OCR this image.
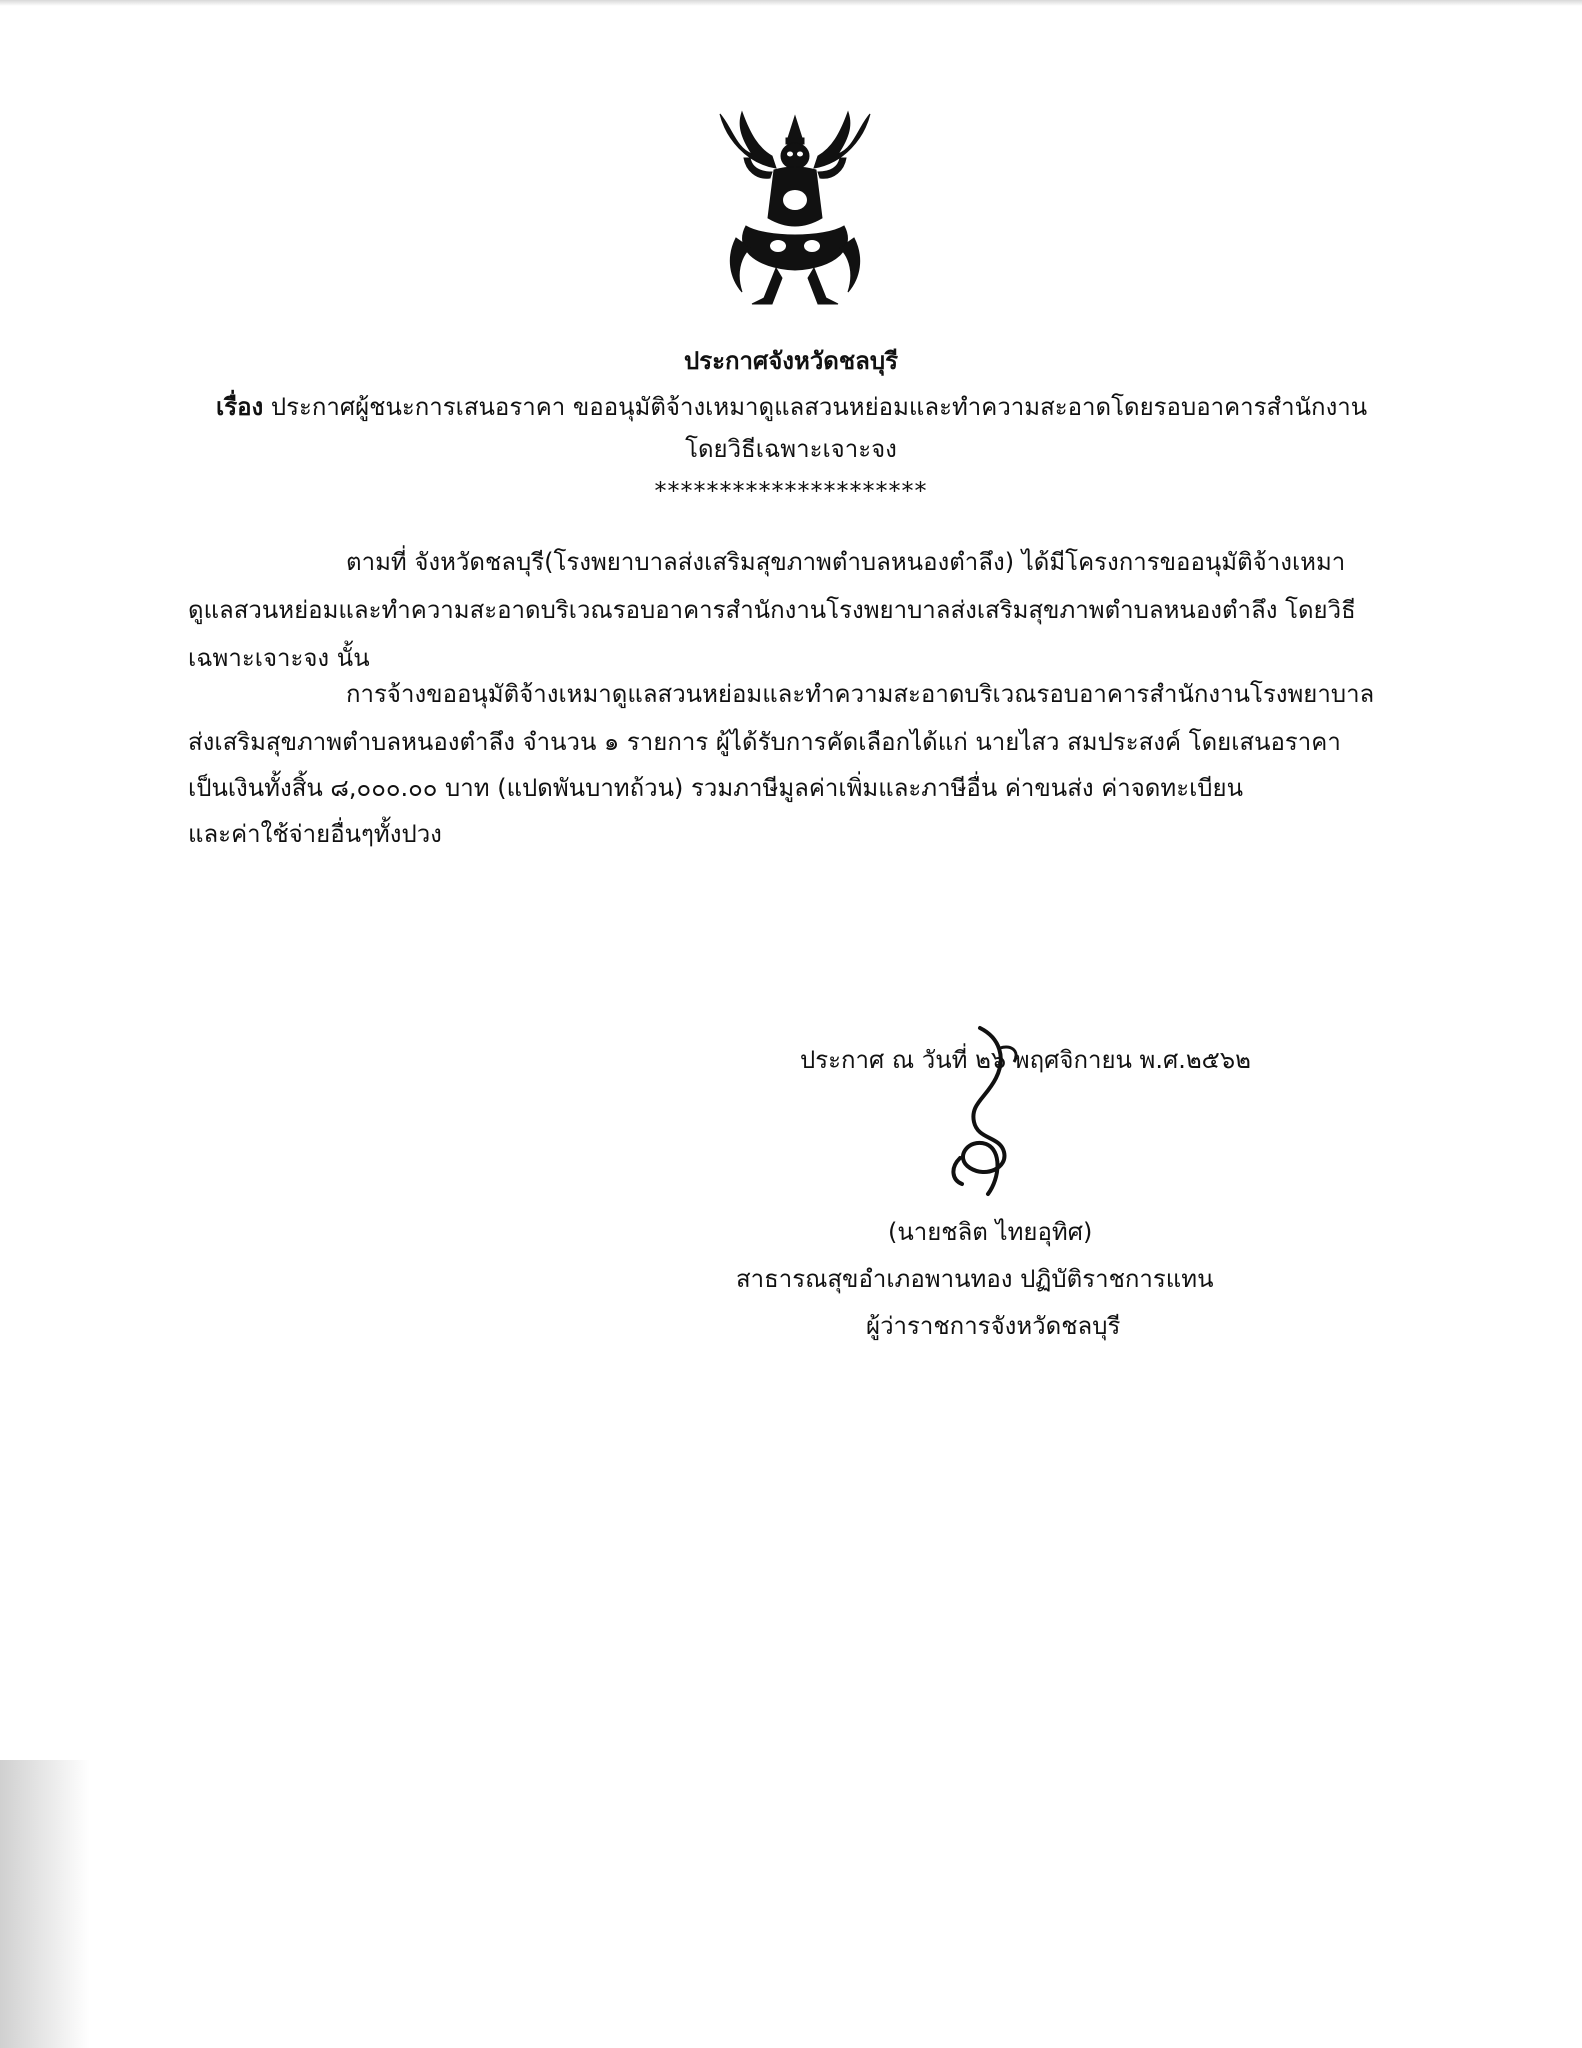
ประกาศจังหวัดชลบุรี
เรื่อง ประกาศผู้ชนะการเสนอราคา ขออนุมัติจ้างเหมาดูแลสวนหย่อมและทำความสะอาดโดยรอบอาคารสำนักงาน
โดยวิธีเฉพาะเจาะจง
*********************
ตามที่ จังหวัดชลบุรี(โรงพยาบาลส่งเสริมสุขภาพตำบลหนองตำลึง) ได้มีโครงการขออนุมัติจ้างเหมา
ดูแลสวนหย่อมและทำความสะอาดบริเวณรอบอาคารสำนักงานโรงพยาบาลส่งเสริมสุขภาพตำบลหนองตำลึง โดยวิธี
เฉพาะเจาะจง นั้น
การจ้างขออนุมัติจ้างเหมาดูแลสวนหย่อมและทำความสะอาดบริเวณรอบอาคารสำนักงานโรงพยาบาล
ส่งเสริมสุขภาพตำบลหนองตำลึง จำนวน ๑ รายการ ผู้ได้รับการคัดเลือกได้แก่ นายไสว สมประสงค์ โดยเสนอราคา
เป็นเงินทั้งสิ้น ๘,๐๐๐.๐๐ บาท (แปดพันบาทถ้วน) รวมภาษีมูลค่าเพิ่มและภาษีอื่น ค่าขนส่ง ค่าจดทะเบียน
และค่าใช้จ่ายอื่นๆทั้งปวง
ประกาศ ณ วันที่ ๒๖ พฤศจิกายน พ.ศ.๒๕๖๒
(นายชลิต ไทยอุทิศ)
สาธารณสุขอำเภอพานทอง ปฏิบัติราชการแทน
ผู้ว่าราชการจังหวัดชลบุรี
